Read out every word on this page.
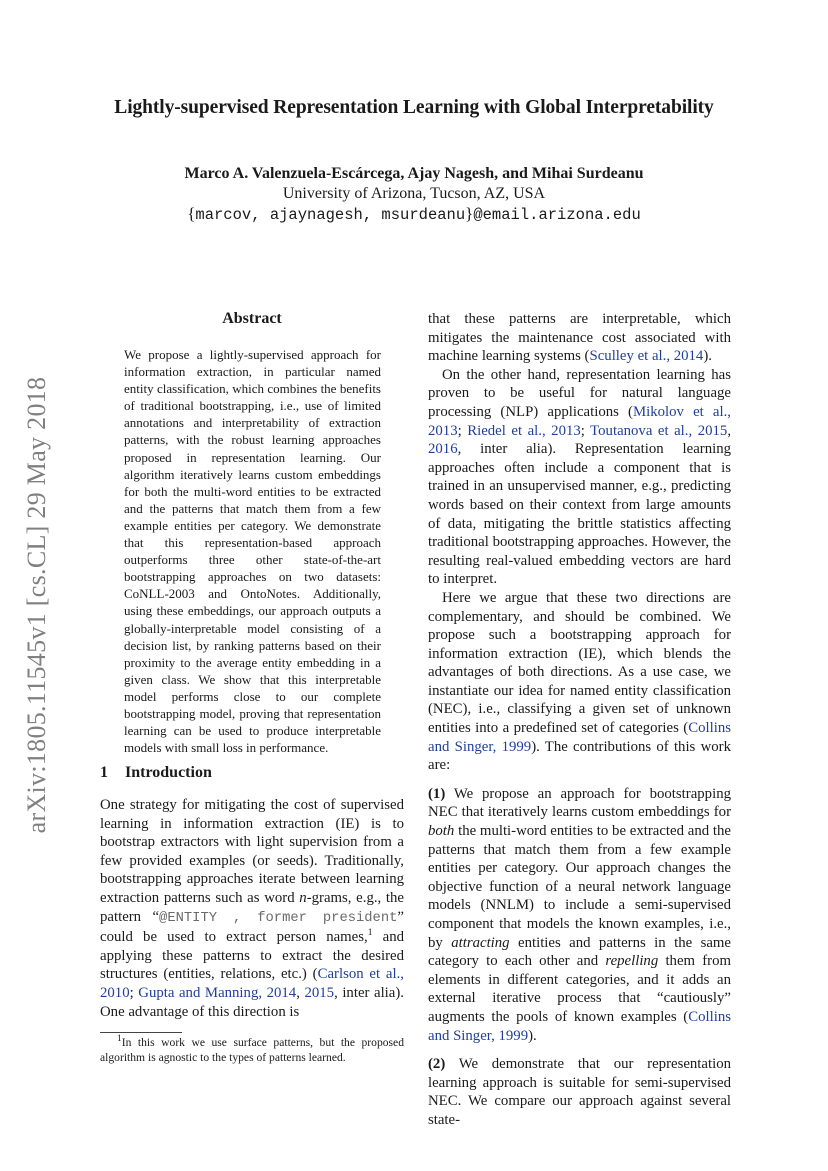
arXiv:1805.11545v1 [cs.CL] 29 May 2018
Lightly-supervised Representation Learning with Global Interpretability
Marco A. Valenzuela-Escárcega, Ajay Nagesh, and Mihai Surdeanu
University of Arizona, Tucson, AZ, USA
{marcov, ajaynagesh, msurdeanu}@email.arizona.edu
Abstract
We propose a lightly-supervised approach for information extraction, in particular named entity classification, which combines the benefits of traditional bootstrapping, i.e., use of limited annotations and interpretability of extraction patterns, with the robust learning approaches proposed in representation learning. Our algorithm iteratively learns custom embeddings for both the multi-word entities to be extracted and the patterns that match them from a few example entities per category. We demonstrate that this representation-based approach outperforms three other state-of-the-art bootstrapping approaches on two datasets: CoNLL-2003 and OntoNotes. Additionally, using these embeddings, our approach outputs a globally-interpretable model consisting of a decision list, by ranking patterns based on their proximity to the average entity embedding in a given class. We show that this interpretable model performs close to our complete bootstrapping model, proving that representation learning can be used to produce interpretable models with small loss in performance.
1 Introduction

One strategy for mitigating the cost of supervised learning in information extraction (IE) is to bootstrap extractors with light supervision from a few provided examples (or seeds). Traditionally, bootstrapping approaches iterate between learning extraction patterns such as word n-grams, e.g., the pattern “@ENTITY , former president” could be used to extract person names,$^1$ and applying these patterns to extract the desired structures (entities, relations, etc.) (Carlson et al., 2010; Gupta and Manning, 2014, 2015, inter alia). One advantage of this direction is

$^1$In this work we use surface patterns, but the proposed algorithm is agnostic to the types of patterns learned.

that these patterns are interpretable, which mitigates the maintenance cost associated with machine learning systems (Sculley et al., 2014).

On the other hand, representation learning has proven to be useful for natural language processing (NLP) applications (Mikolov et al., 2013; Riedel et al., 2013; Toutanova et al., 2015, 2016, inter alia). Representation learning approaches often include a component that is trained in an unsupervised manner, e.g., predicting words based on their context from large amounts of data, mitigating the brittle statistics affecting traditional bootstrapping approaches. However, the resulting real-valued embedding vectors are hard to interpret.

Here we argue that these two directions are complementary, and should be combined. We propose such a bootstrapping approach for information extraction (IE), which blends the advantages of both directions. As a use case, we instantiate our idea for named entity classification (NEC), i.e., classifying a given set of unknown entities into a predefined set of categories (Collins and Singer, 1999). The contributions of this work are:

(1) We propose an approach for bootstrapping NEC that iteratively learns custom embeddings for both the multi-word entities to be extracted and the patterns that match them from a few example entities per category. Our approach changes the objective function of a neural network language models (NNLM) to include a semi-supervised component that models the known examples, i.e., by attracting entities and patterns in the same category to each other and repelling them from elements in different categories, and it adds an external iterative process that “cautiously” augments the pools of known examples (Collins and Singer, 1999).

(2) We demonstrate that our representation learning approach is suitable for semi-supervised NEC. We compare our approach against several state-
